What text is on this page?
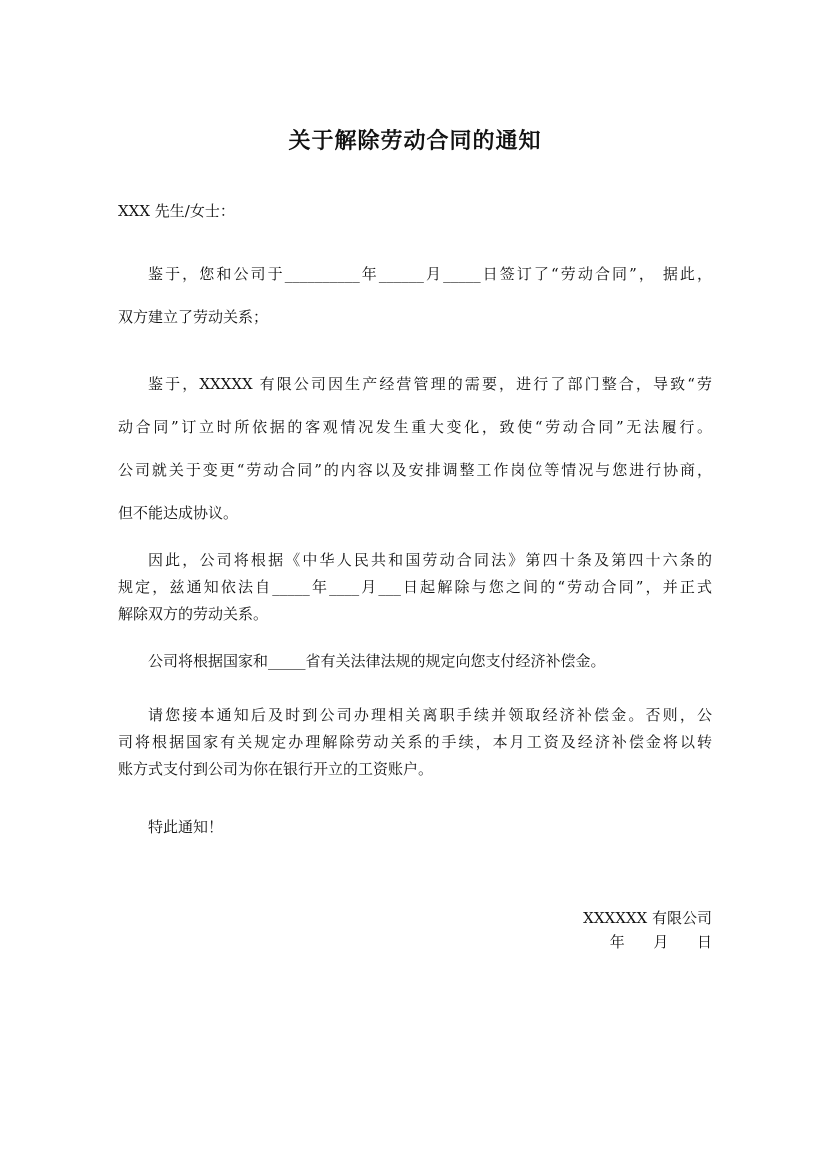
关于解除劳动合同的通知
XXX 先生/女士：
鉴于，您和公司于__________年______月_____日签订了“劳动合同”， 据此，
双方建立了劳动关系；
鉴于，XXXXX 有限公司因生产经营管理的需要，进行了部门整合，导致“劳
动合同”订立时所依据的客观情况发生重大变化，致使“劳动合同”无法履行。
公司就关于变更“劳动合同”的内容以及安排调整工作岗位等情况与您进行协商，
但不能达成协议。
因此，公司将根据《中华人民共和国劳动合同法》第四十条及第四十六条的
规定，兹通知依法自_____年____月___日起解除与您之间的“劳动合同”，并正式
解除双方的劳动关系。
公司将根据国家和_____省有关法律法规的规定向您支付经济补偿金。
请您接本通知后及时到公司办理相关离职手续并领取经济补偿金。否则，公
司将根据国家有关规定办理解除劳动关系的手续，本月工资及经济补偿金将以转
账方式支付到公司为你在银行开立的工资账户。
特此通知！
XXXXXX 有限公司
年      月      日
